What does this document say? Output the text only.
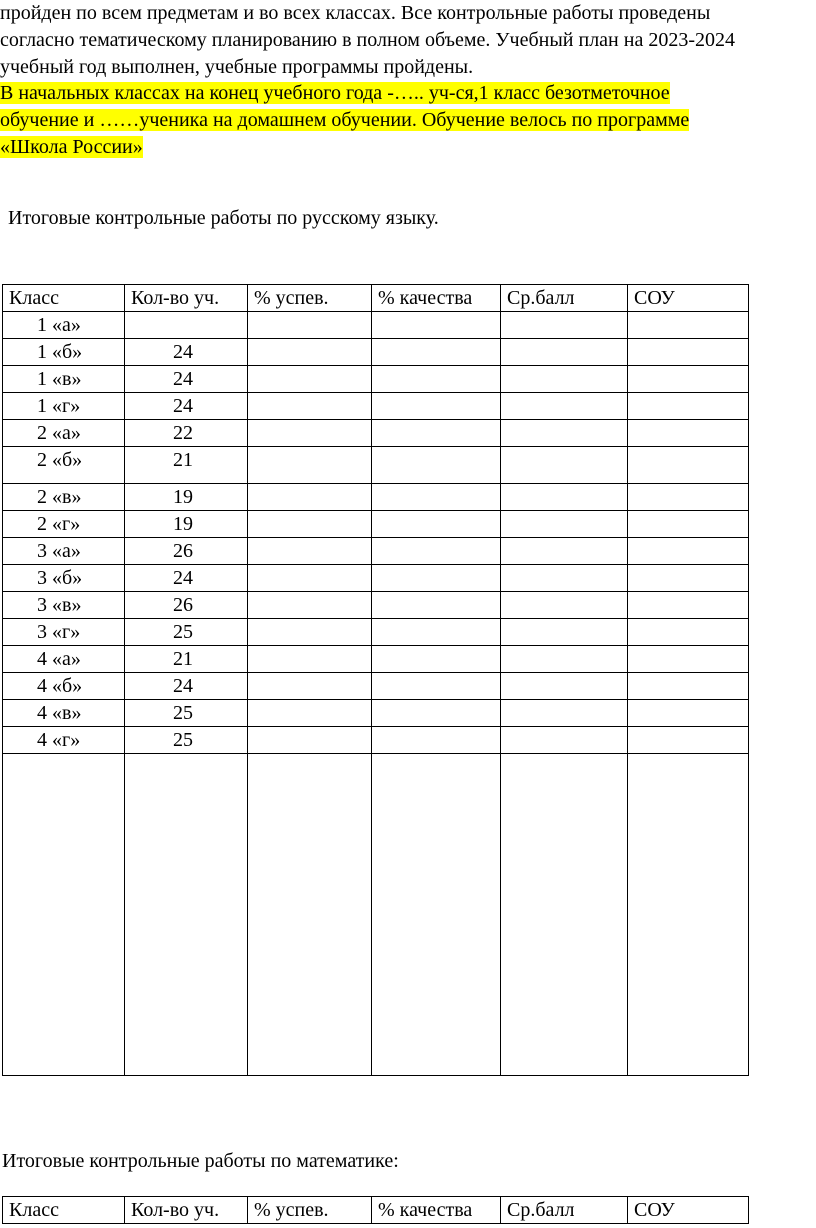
пройден по всем предметам и во всех классах. Все контрольные работы проведены

согласно тематическому планированию в полном объеме. Учебный план на 2023-2024

учебный год выполнен, учебные программы пройдены.

В начальных классах на конец учебного года -….. уч-ся,1 класс безотметочное

обучение и ……ученика на домашнем обучении. Обучение велось по программе

«Школа России»

Итоговые контрольные работы по русскому языку.
Класс	Кол-во уч.	% успев.	% качества	Ср.балл	СОУ
1 «а»					
1 «б»	24				
1 «в»	24				
1 «г»	24				
2 «а»	22				
2 «б»	21				
2 «в»	19				
2 «г»	19				
3 «а»	26				
3 «б»	24				
3 «в»	26				
3 «г»	25				
4 «а»	21				
4 «б»	24				
4 «в»	25				
4 «г»	25				

Итоговые контрольные работы по математике:
Класс	Кол-во уч.	% успев.	% качества	Ср.балл	СОУ
